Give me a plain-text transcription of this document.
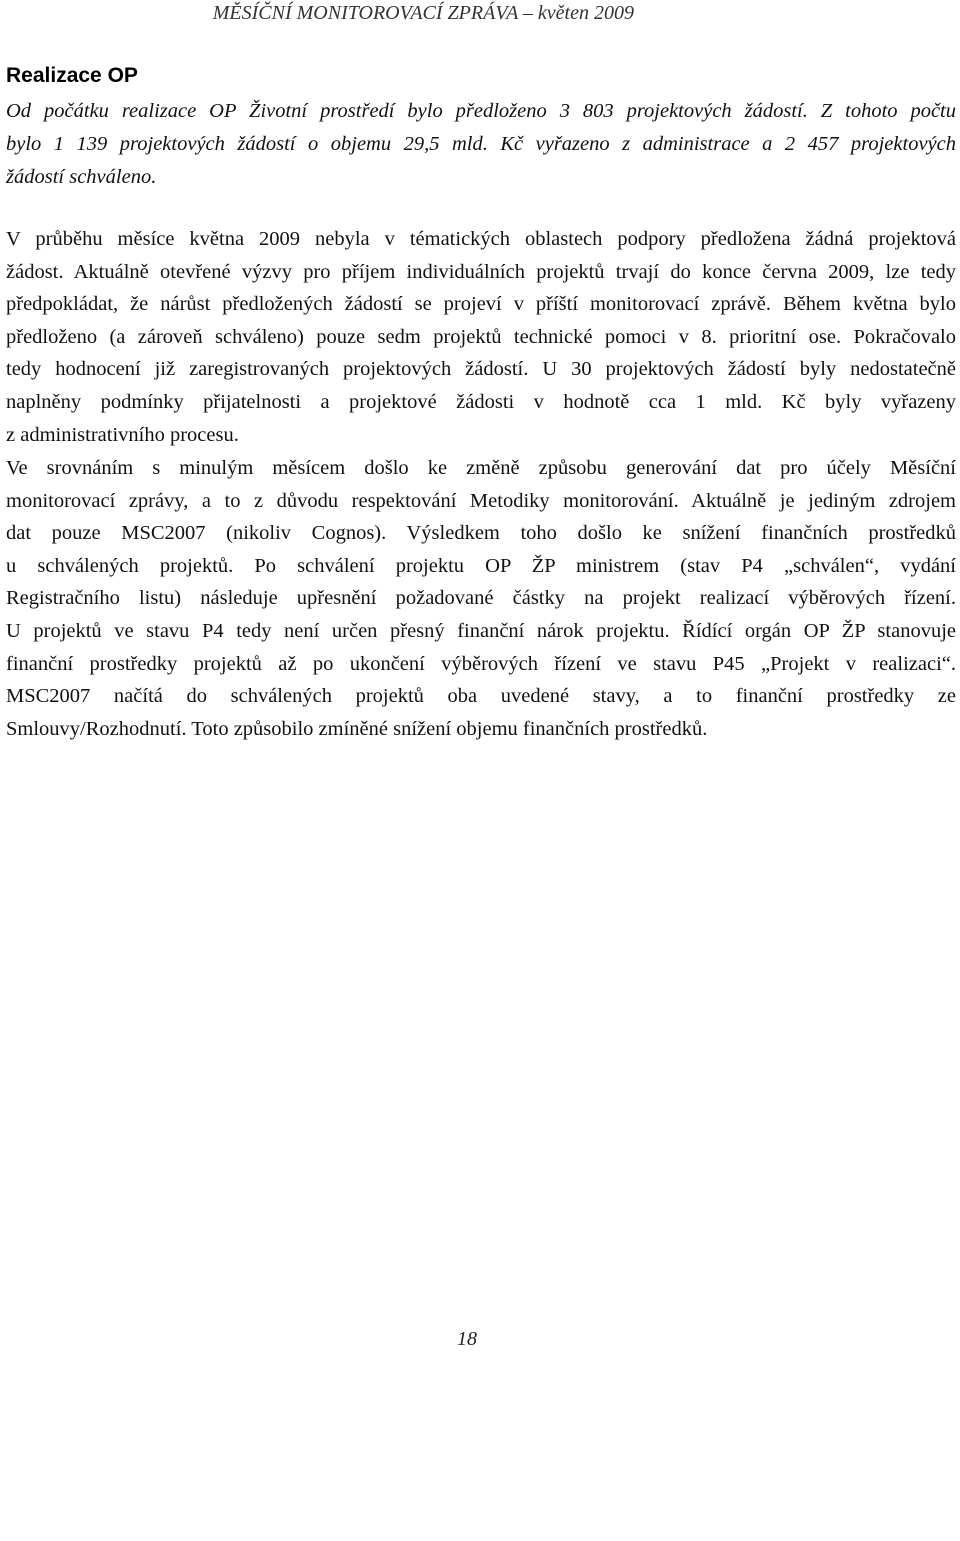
MĚSÍČNÍ MONITOROVACÍ ZPRÁVA – květen 2009
Realizace OP
Od počátku realizace OP Životní prostředí bylo předloženo 3 803 projektových žádostí. Z tohoto počtu
bylo 1 139 projektových žádostí o objemu 29,5 mld. Kč vyřazeno z administrace a 2 457 projektových
žádostí schváleno.
V průběhu měsíce května 2009 nebyla v tématických oblastech podpory předložena žádná projektová
žádost. Aktuálně otevřené výzvy pro příjem individuálních projektů trvají do konce června 2009, lze tedy
předpokládat, že nárůst předložených žádostí se projeví v příští monitorovací zprávě. Během května bylo
předloženo (a zároveň schváleno) pouze sedm projektů technické pomoci v 8. prioritní ose. Pokračovalo
tedy hodnocení již zaregistrovaných projektových žádostí. U 30 projektových žádostí byly nedostatečně
naplněny podmínky přijatelnosti a projektové žádosti v hodnotě cca 1 mld. Kč byly vyřazeny
z administrativního procesu.
Ve srovnáním s minulým měsícem došlo ke změně způsobu generování dat pro účely Měsíční
monitorovací zprávy, a to z důvodu respektování Metodiky monitorování. Aktuálně je jediným zdrojem
dat pouze MSC2007 (nikoliv Cognos). Výsledkem toho došlo ke snížení finančních prostředků
u schválených projektů. Po schválení projektu OP ŽP ministrem (stav P4 „schválen“, vydání
Registračního listu) následuje upřesnění požadované částky na projekt realizací výběrových řízení.
U projektů ve stavu P4 tedy není určen přesný finanční nárok projektu. Řídící orgán OP ŽP stanovuje
finanční prostředky projektů až po ukončení výběrových řízení ve stavu P45 „Projekt v realizaci“.
MSC2007 načítá do schválených projektů oba uvedené stavy, a to finanční prostředky ze
Smlouvy/Rozhodnutí. Toto způsobilo zmíněné snížení objemu finančních prostředků.
18
